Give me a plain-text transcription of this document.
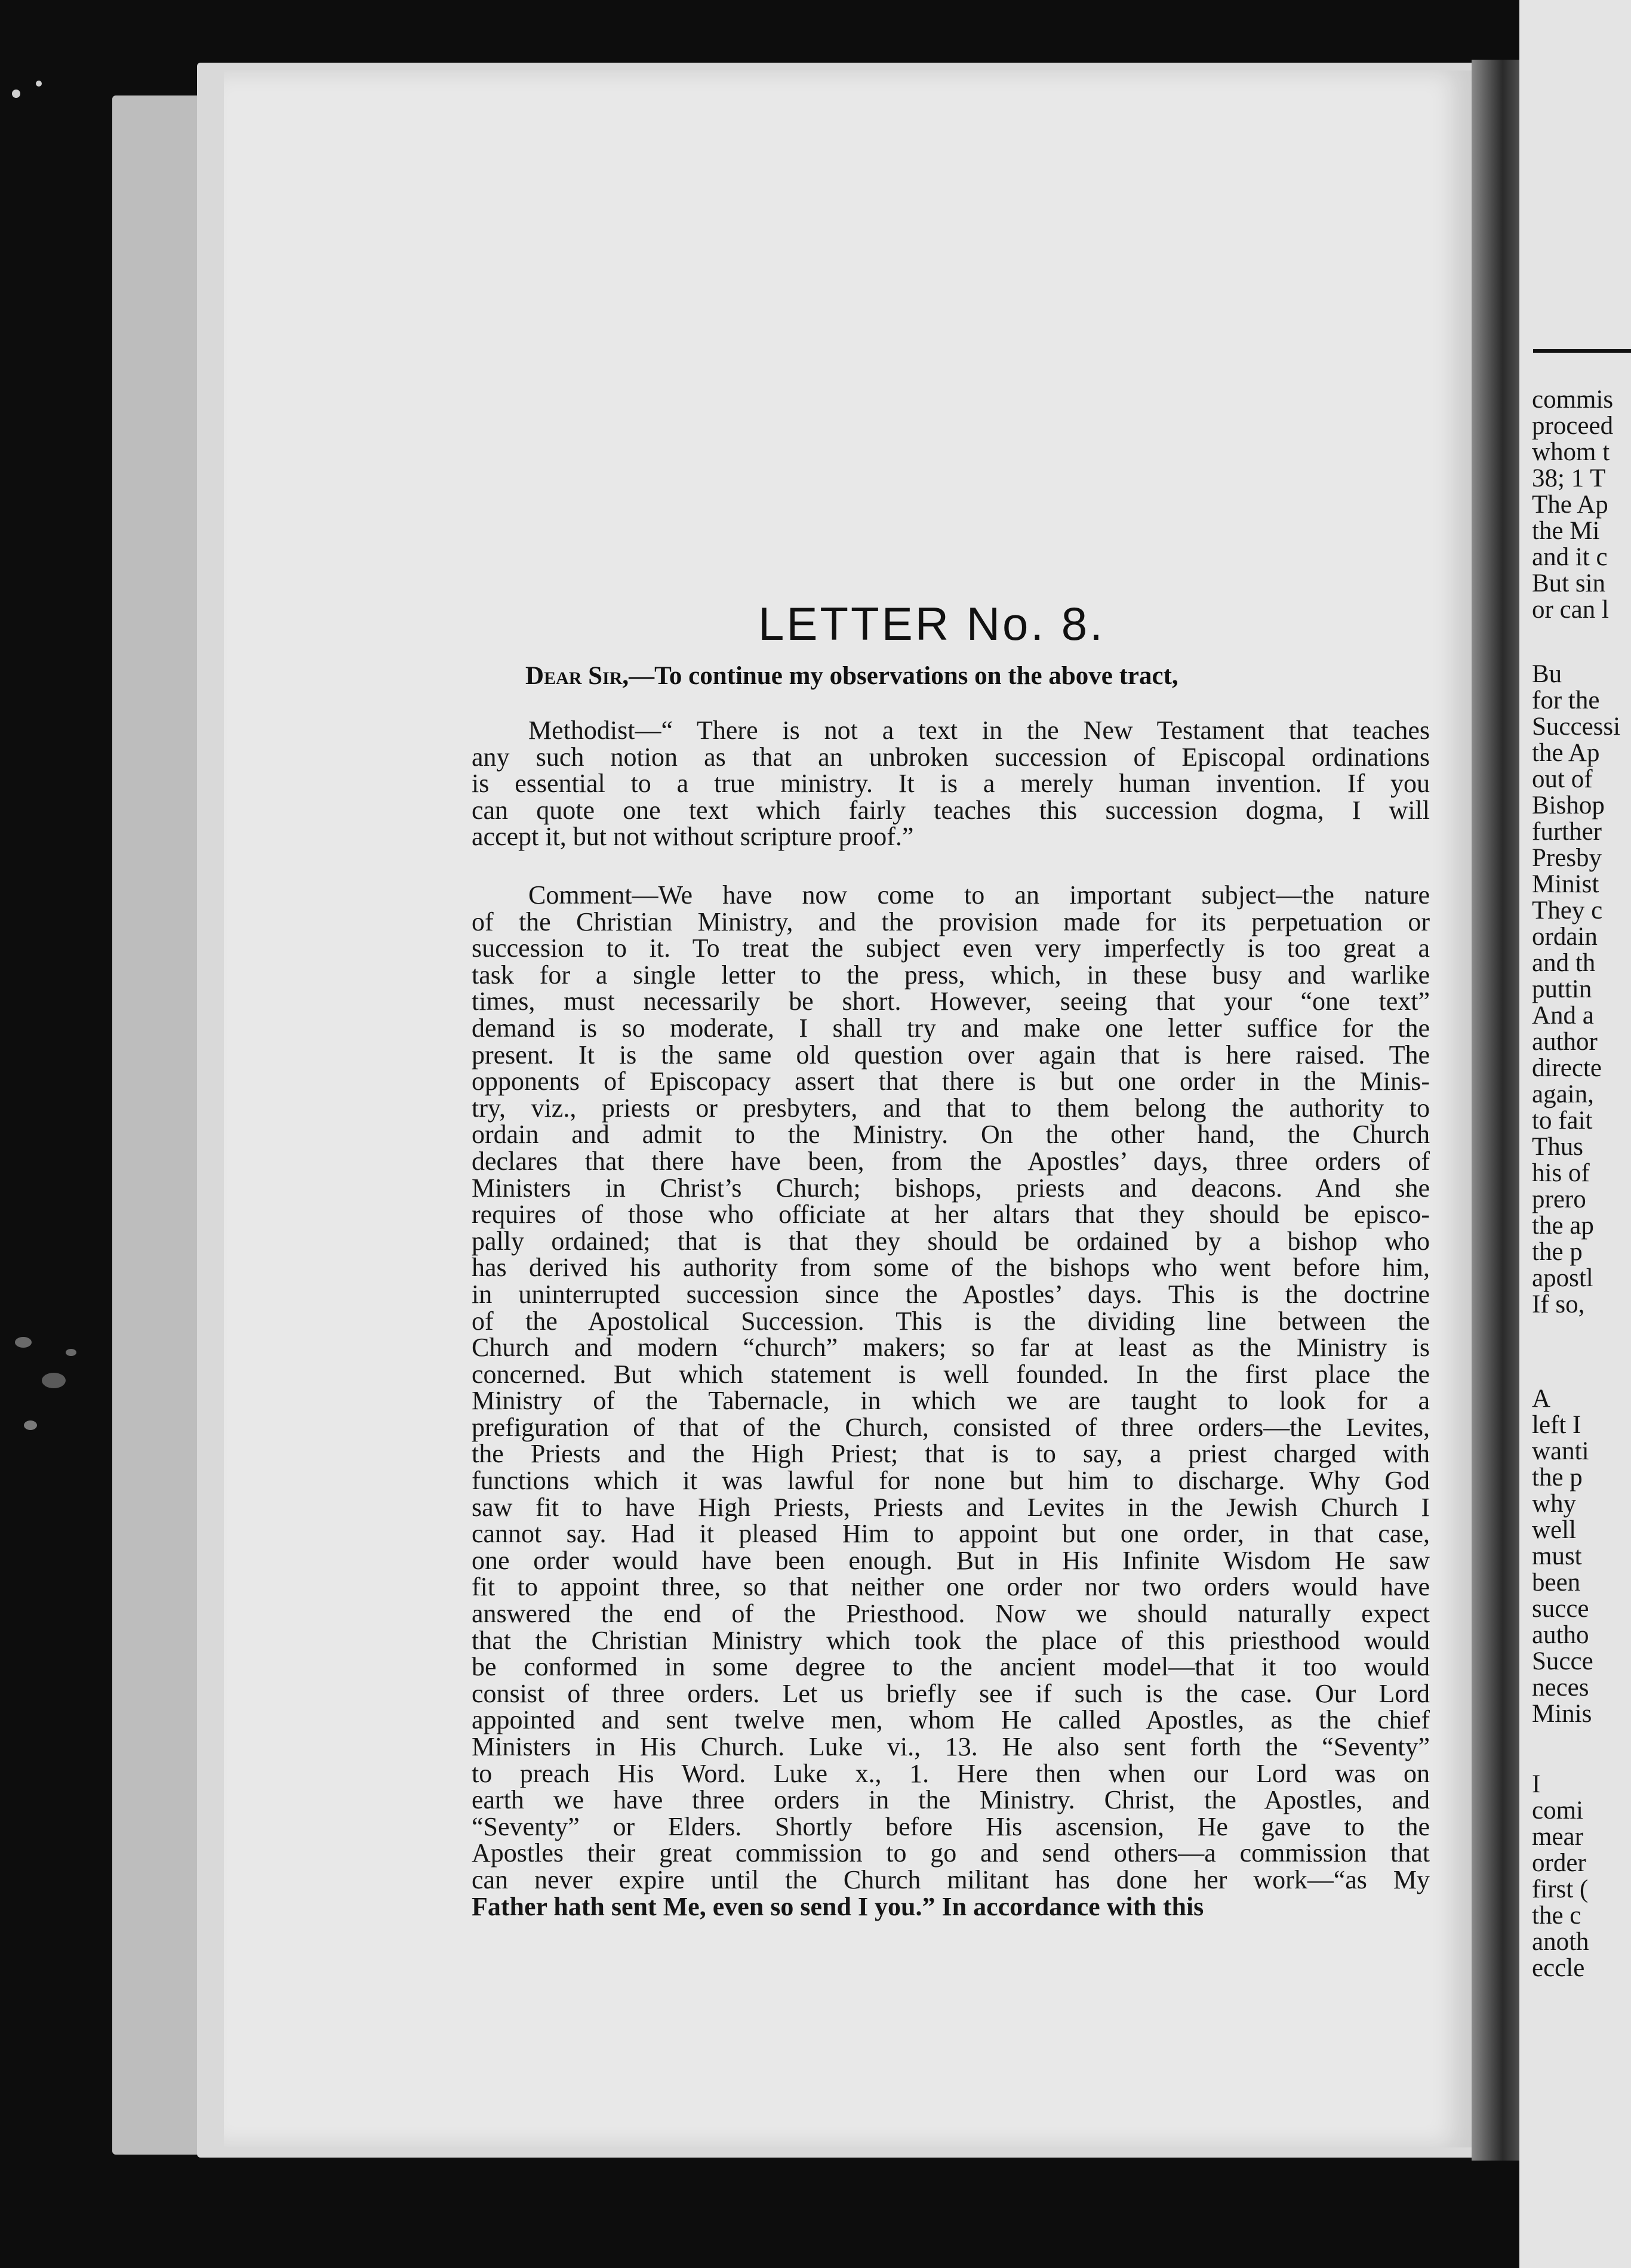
commis
proceed
whom t
38; 1 T
The Ap
the Mi
and it c
But sin
or can l
Bu
for the
Successi
the Ap
out of
Bishop
further
Presby
Minist
They c
ordain
and th
puttin
And a
author
directe
again,
to fait
Thus
his of
prero
the ap
the p
apostl
If so,
A
left I
wanti
the p
why
well
must
been
succe
autho
Succe
neces
Minis
I
comi
mear
order
first (
the c
anoth
eccle
LETTER No. 8.
Dear Sir,—To continue my observations on the above tract,
Methodist—“ There is not a text in the New Testament that teaches
any such notion as that an unbroken succession of Episcopal ordinations
is essential to a true ministry. It is a merely human invention. If you
can quote one text which fairly teaches this succession dogma, I will
accept it, but not without scripture proof.”
Comment—We have now come to an important subject—the nature
of the Christian Ministry, and the provision made for its perpetuation or
succession to it. To treat the subject even very imperfectly is too great a
task for a single letter to the press, which, in these busy and warlike
times, must necessarily be short. However, seeing that your “one text”
demand is so moderate, I shall try and make one letter suffice for the
present. It is the same old question over again that is here raised. The
opponents of Episcopacy assert that there is but one order in the Minis-
try, viz., priests or presbyters, and that to them belong the authority to
ordain and admit to the Ministry. On the other hand, the Church
declares that there have been, from the Apostles’ days, three orders of
Ministers in Christ’s Church; bishops, priests and deacons. And she
requires of those who officiate at her altars that they should be episco-
pally ordained; that is that they should be ordained by a bishop who
has derived his authority from some of the bishops who went before him,
in uninterrupted succession since the Apostles’ days. This is the doctrine
of the Apostolical Succession. This is the dividing line between the
Church and modern “church” makers; so far at least as the Ministry is
concerned. But which statement is well founded. In the first place the
Ministry of the Tabernacle, in which we are taught to look for a
prefiguration of that of the Church, consisted of three orders—the Levites,
the Priests and the High Priest; that is to say, a priest charged with
functions which it was lawful for none but him to discharge. Why God
saw fit to have High Priests, Priests and Levites in the Jewish Church I
cannot say. Had it pleased Him to appoint but one order, in that case,
one order would have been enough. But in His Infinite Wisdom He saw
fit to appoint three, so that neither one order nor two orders would have
answered the end of the Priesthood. Now we should naturally expect
that the Christian Ministry which took the place of this priesthood would
be conformed in some degree to the ancient model—that it too would
consist of three orders. Let us briefly see if such is the case. Our Lord
appointed and sent twelve men, whom He called Apostles, as the chief
Ministers in His Church. Luke vi., 13. He also sent forth the “Seventy”
to preach His Word. Luke x., 1. Here then when our Lord was on
earth we have three orders in the Ministry. Christ, the Apostles, and
“Seventy” or Elders. Shortly before His ascension, He gave to the
Apostles their great commission to go and send others—a commission that
can never expire until the Church militant has done her work—“as My
Father hath sent Me, even so send I you.” In accordance with this
